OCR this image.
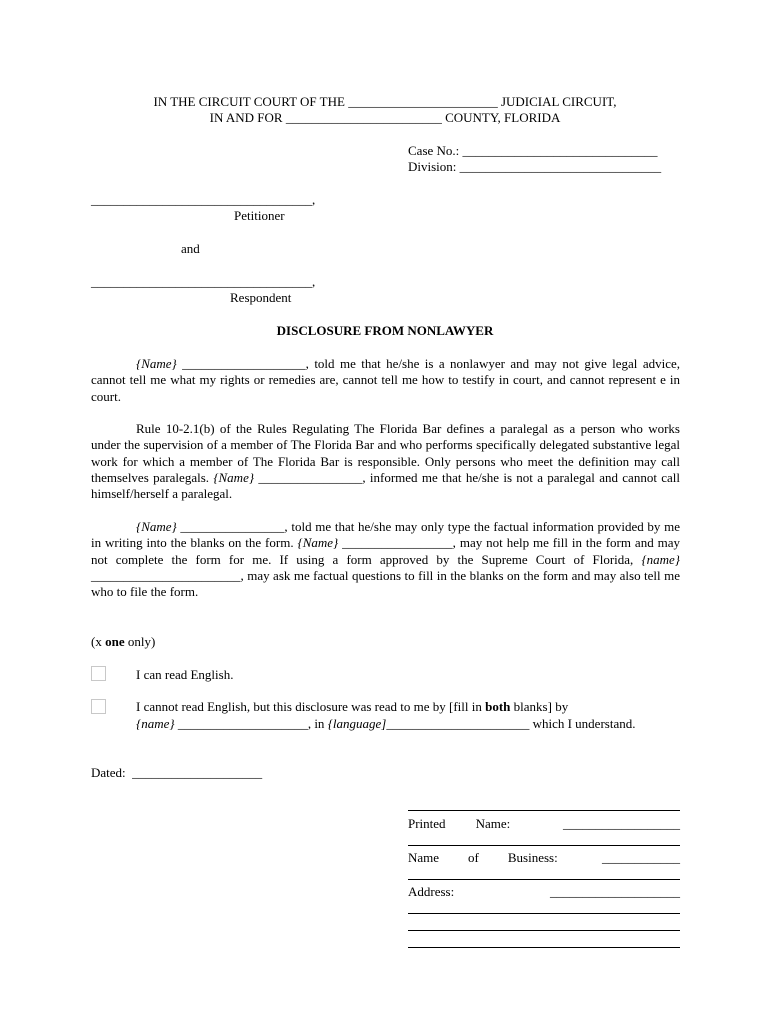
IN THE CIRCUIT COURT OF THE _______________________ JUDICIAL CIRCUIT,
IN AND FOR ________________________ COUNTY, FLORIDA
Case No.: ______________________________
Division: _______________________________
__________________________________,
Petitioner
and
__________________________________,
Respondent
DISCLOSURE FROM NONLAWYER
{Name} ___________________, told me that he/she is a nonlawyer and may not give legal advice, cannot tell me what my rights or remedies are, cannot tell me how to testify in court, and cannot represent e in court.
Rule 10-2.1(b) of the Rules Regulating The Florida Bar defines a paralegal as a person who works under the supervision of a member of The Florida Bar and who performs specifically delegated substantive legal work for which a member of The Florida Bar is responsible. Only persons who meet the definition may call themselves paralegals. {Name} ________________, informed me that he/she is not a paralegal and cannot call himself/herself a paralegal.
{Name} ________________, told me that he/she may only type the factual information provided by me in writing into the blanks on the form. {Name} _________________, may not help me fill in the form and may not complete the form for me. If using a form approved by the Supreme Court of Florida, {name} _______________________, may ask me factual questions to fill in the blanks on the form and may also tell me who to file the form.
(x one only)
I can read English.
I cannot read English, but this disclosure was read to me by [fill in both blanks] by
{name} ____________________, in {language]______________________ which I understand.
Dated:  ____________________
Printed Name:	__________________
Name of Business:	____________
Address:	____________________
